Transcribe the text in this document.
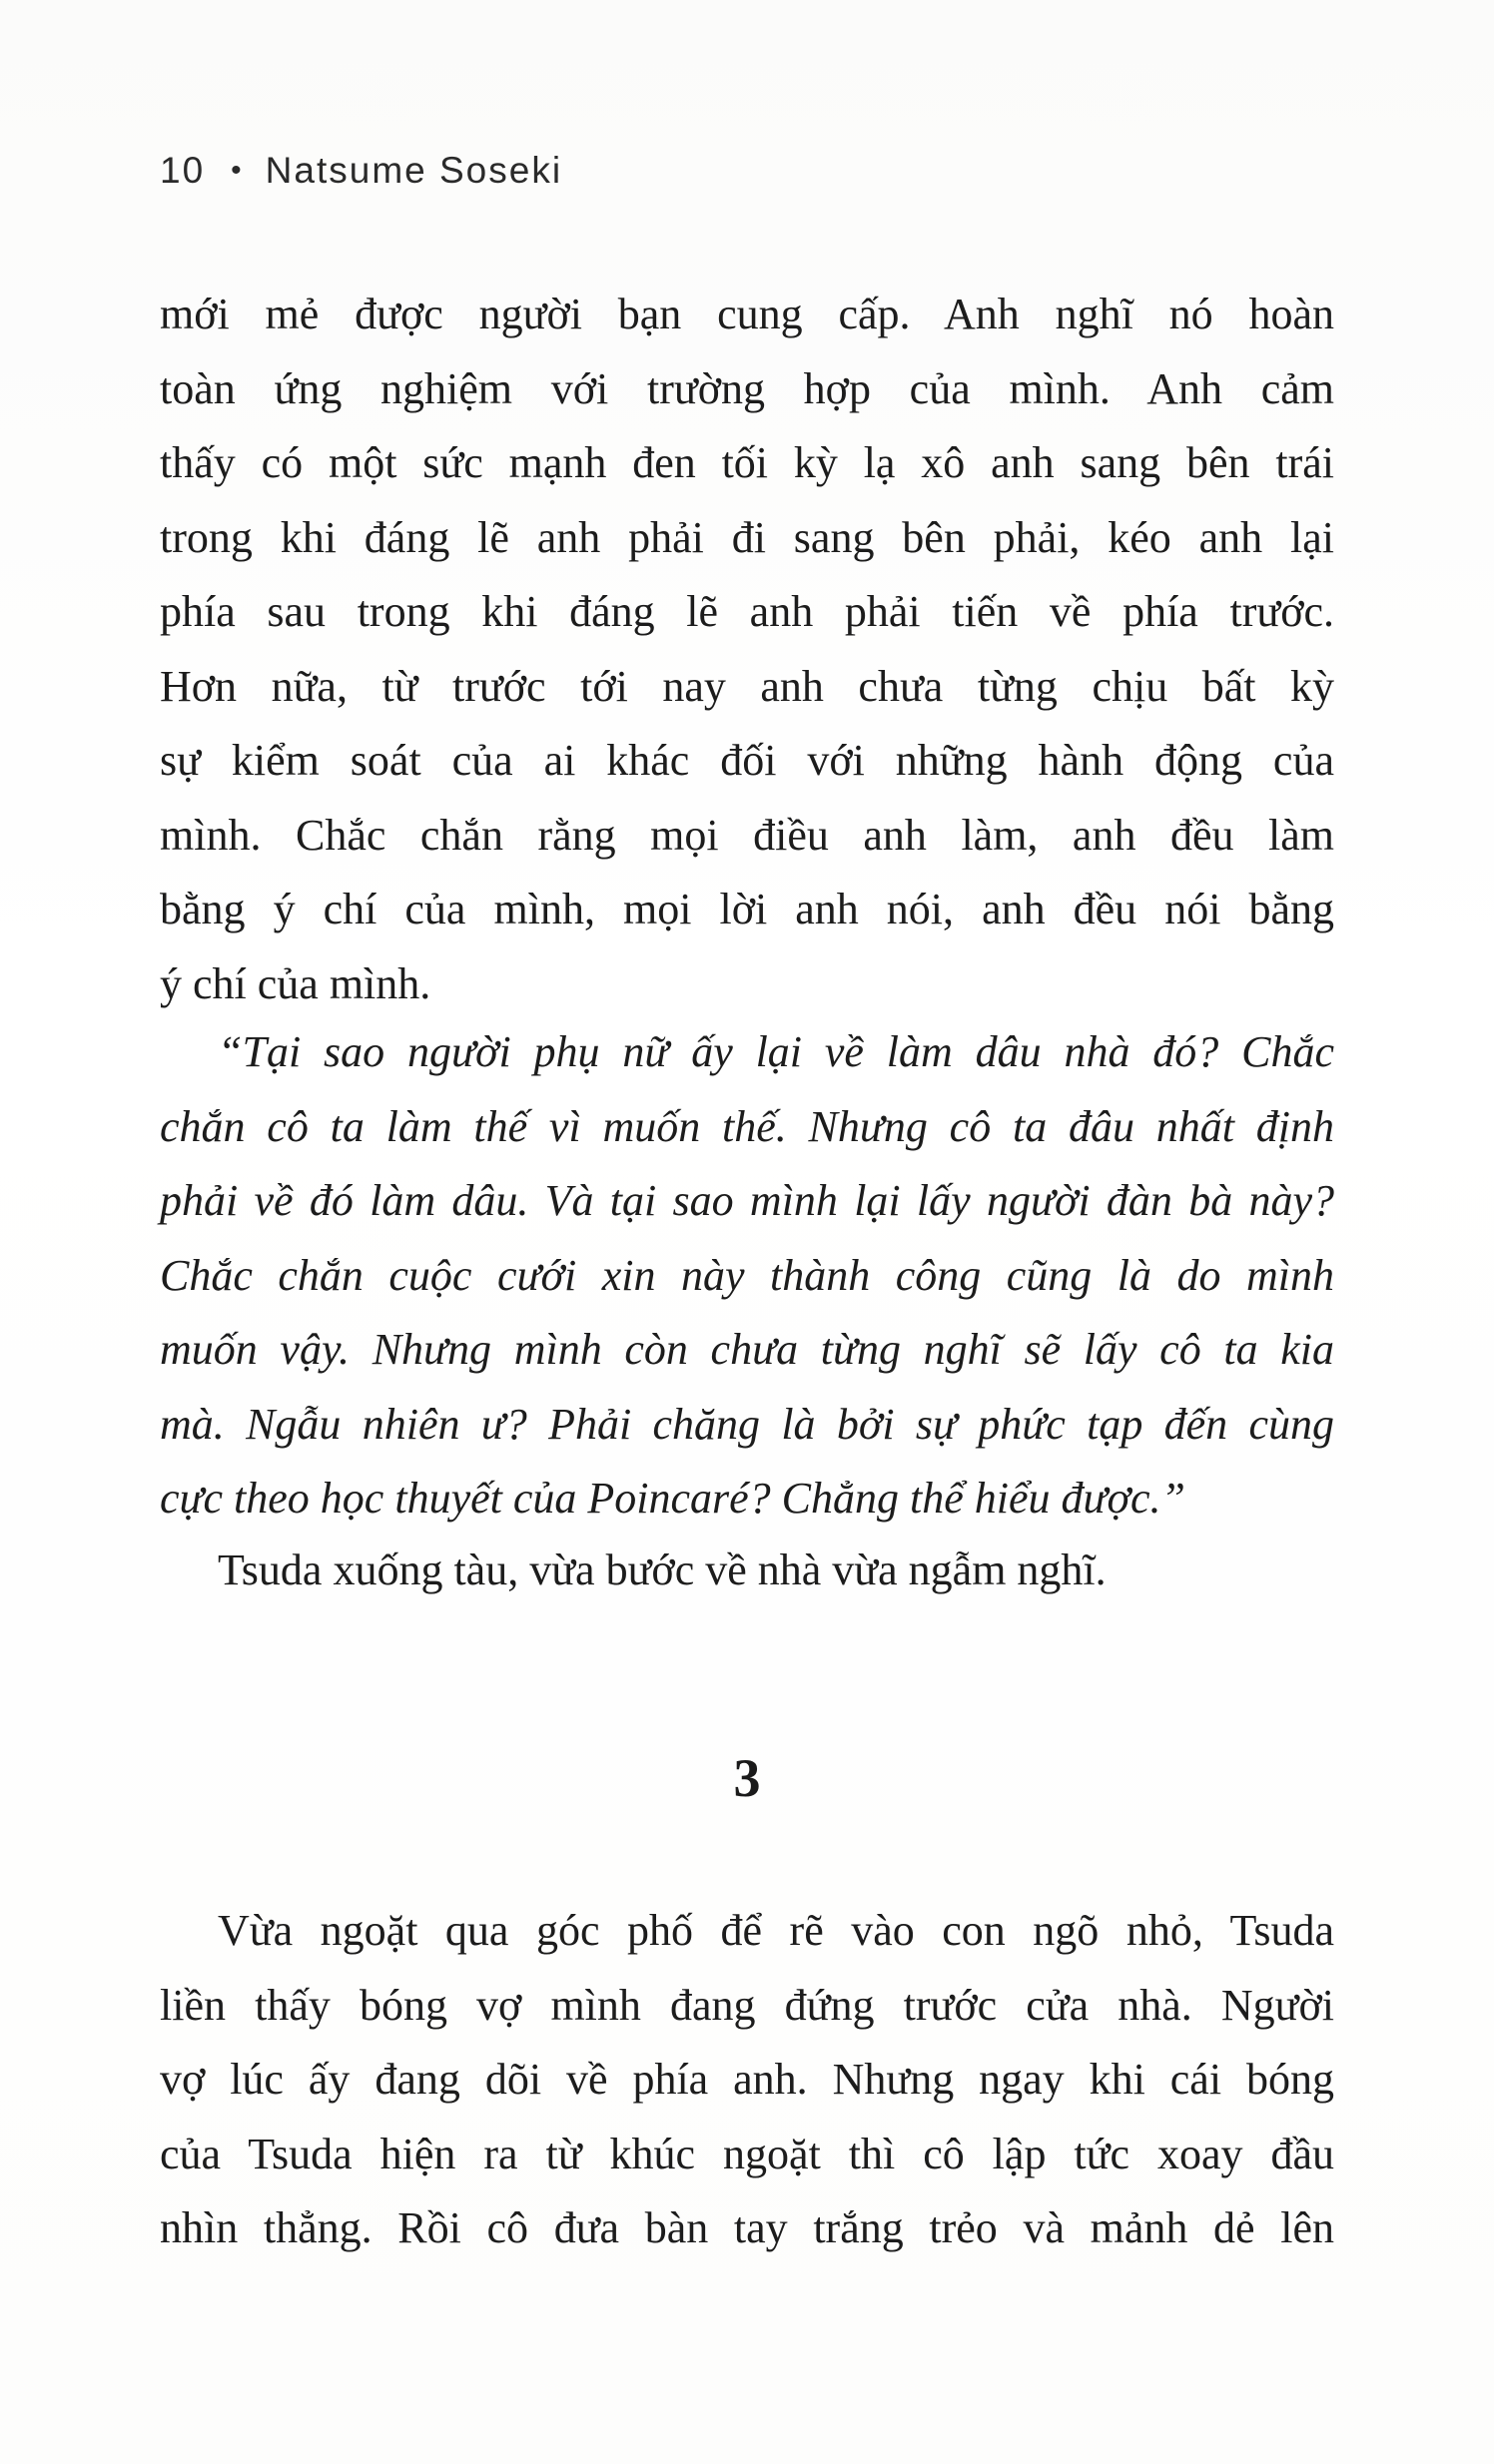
10 • Natsume Soseki
mới mẻ được người bạn cung cấp. Anh nghĩ nó hoàn
toàn ứng nghiệm với trường hợp của mình. Anh cảm
thấy có một sức mạnh đen tối kỳ lạ xô anh sang bên trái
trong khi đáng lẽ anh phải đi sang bên phải, kéo anh lại
phía sau trong khi đáng lẽ anh phải tiến về phía trước.
Hơn nữa, từ trước tới nay anh chưa từng chịu bất kỳ
sự kiểm soát của ai khác đối với những hành động của
mình. Chắc chắn rằng mọi điều anh làm, anh đều làm
bằng ý chí của mình, mọi lời anh nói, anh đều nói bằng
ý chí của mình.
“Tại sao người phụ nữ ấy lại về làm dâu nhà đó? Chắc
chắn cô ta làm thế vì muốn thế. Nhưng cô ta đâu nhất định
phải về đó làm dâu. Và tại sao mình lại lấy người đàn bà này?
Chắc chắn cuộc cưới xin này thành công cũng là do mình
muốn vậy. Nhưng mình còn chưa từng nghĩ sẽ lấy cô ta kia
mà. Ngẫu nhiên ư? Phải chăng là bởi sự phức tạp đến cùng
cực theo học thuyết của Poincaré? Chẳng thể hiểu được.”
Tsuda xuống tàu, vừa bước về nhà vừa ngẫm nghĩ.
3
Vừa ngoặt qua góc phố để rẽ vào con ngõ nhỏ, Tsuda
liền thấy bóng vợ mình đang đứng trước cửa nhà. Người
vợ lúc ấy đang dõi về phía anh. Nhưng ngay khi cái bóng
của Tsuda hiện ra từ khúc ngoặt thì cô lập tức xoay đầu
nhìn thẳng. Rồi cô đưa bàn tay trắng trẻo và mảnh dẻ lên
